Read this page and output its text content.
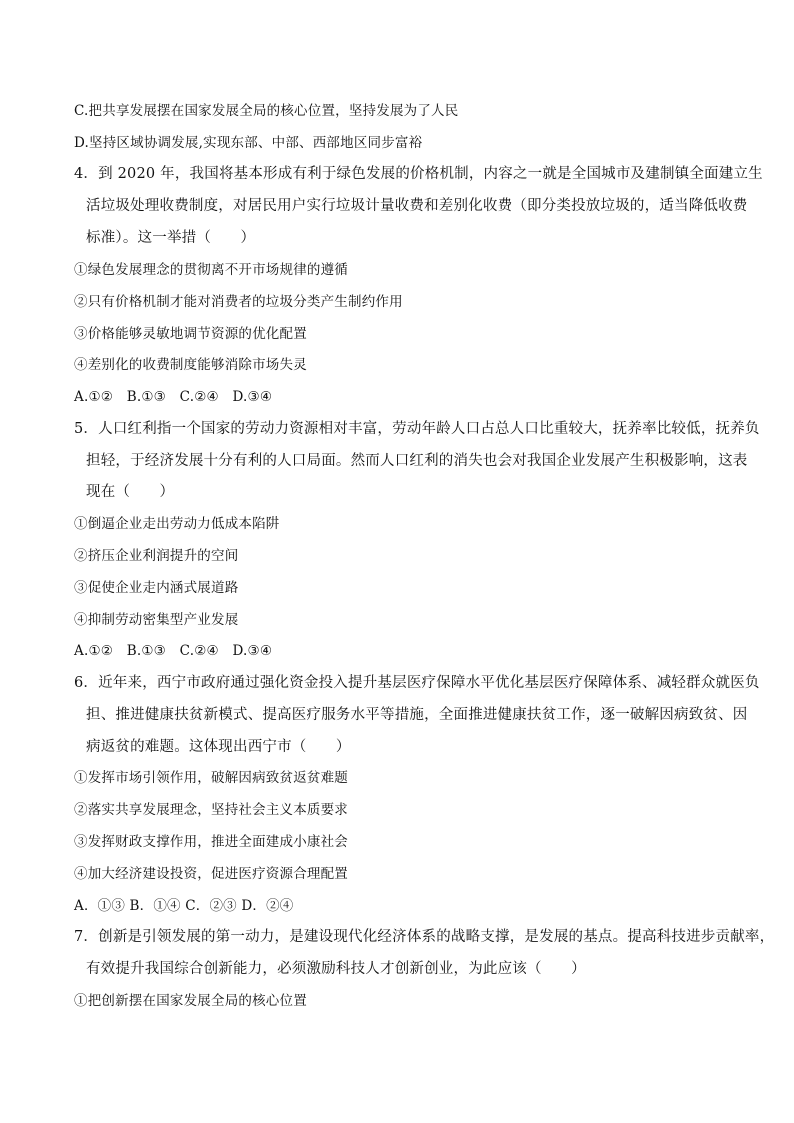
C.把共享发展摆在国家发展全局的核心位置，坚持发展为了人民
D.坚持区域协调发展,实现东部、中部、西部地区同步富裕
4．到 2020 年，我国将基本形成有利于绿色发展的价格机制，内容之一就是全国城市及建制镇全面建立生
活垃圾处理收费制度，对居民用户实行垃圾计量收费和差别化收费（即分类投放垃圾的，适当降低收费
标准）。这一举措（　　）
①绿色发展理念的贯彻离不开市场规律的遵循
②只有价格机制才能对消费者的垃圾分类产生制约作用
③价格能够灵敏地调节资源的优化配置
④差别化的收费制度能够消除市场失灵
A.①②　B.①③　C.②④　D.③④
5．人口红利指一个国家的劳动力资源相对丰富，劳动年龄人口占总人口比重较大，抚养率比较低，抚养负
担轻，于经济发展十分有利的人口局面。然而人口红利的消失也会对我国企业发展产生积极影响，这表
现在（　　）
①倒逼企业走出劳动力低成本陷阱
②挤压企业利润提升的空间
③促使企业走内涵式展道路
④抑制劳动密集型产业发展
A.①②　B.①③　C.②④　D.③④
6．近年来，西宁市政府通过强化资金投入提升基层医疗保障水平优化基层医疗保障体系、减轻群众就医负
担、推进健康扶贫新模式、提高医疗服务水平等措施，全面推进健康扶贫工作，逐一破解因病致贫、因
病返贫的难题。这体现出西宁市（　　）
①发挥市场引领作用，破解因病致贫返贫难题
②落实共享发展理念，坚持社会主义本质要求
③发挥财政支撑作用，推进全面建成小康社会
④加大经济建设投资，促进医疗资源合理配置
A．①③ B．①④ C．②③ D．②④
7．创新是引领发展的第一动力，是建设现代化经济体系的战略支撑，是发展的基点。提高科技进步贡献率，
有效提升我国综合创新能力，必须激励科技人才创新创业，为此应该（　　）
①把创新摆在国家发展全局的核心位置
